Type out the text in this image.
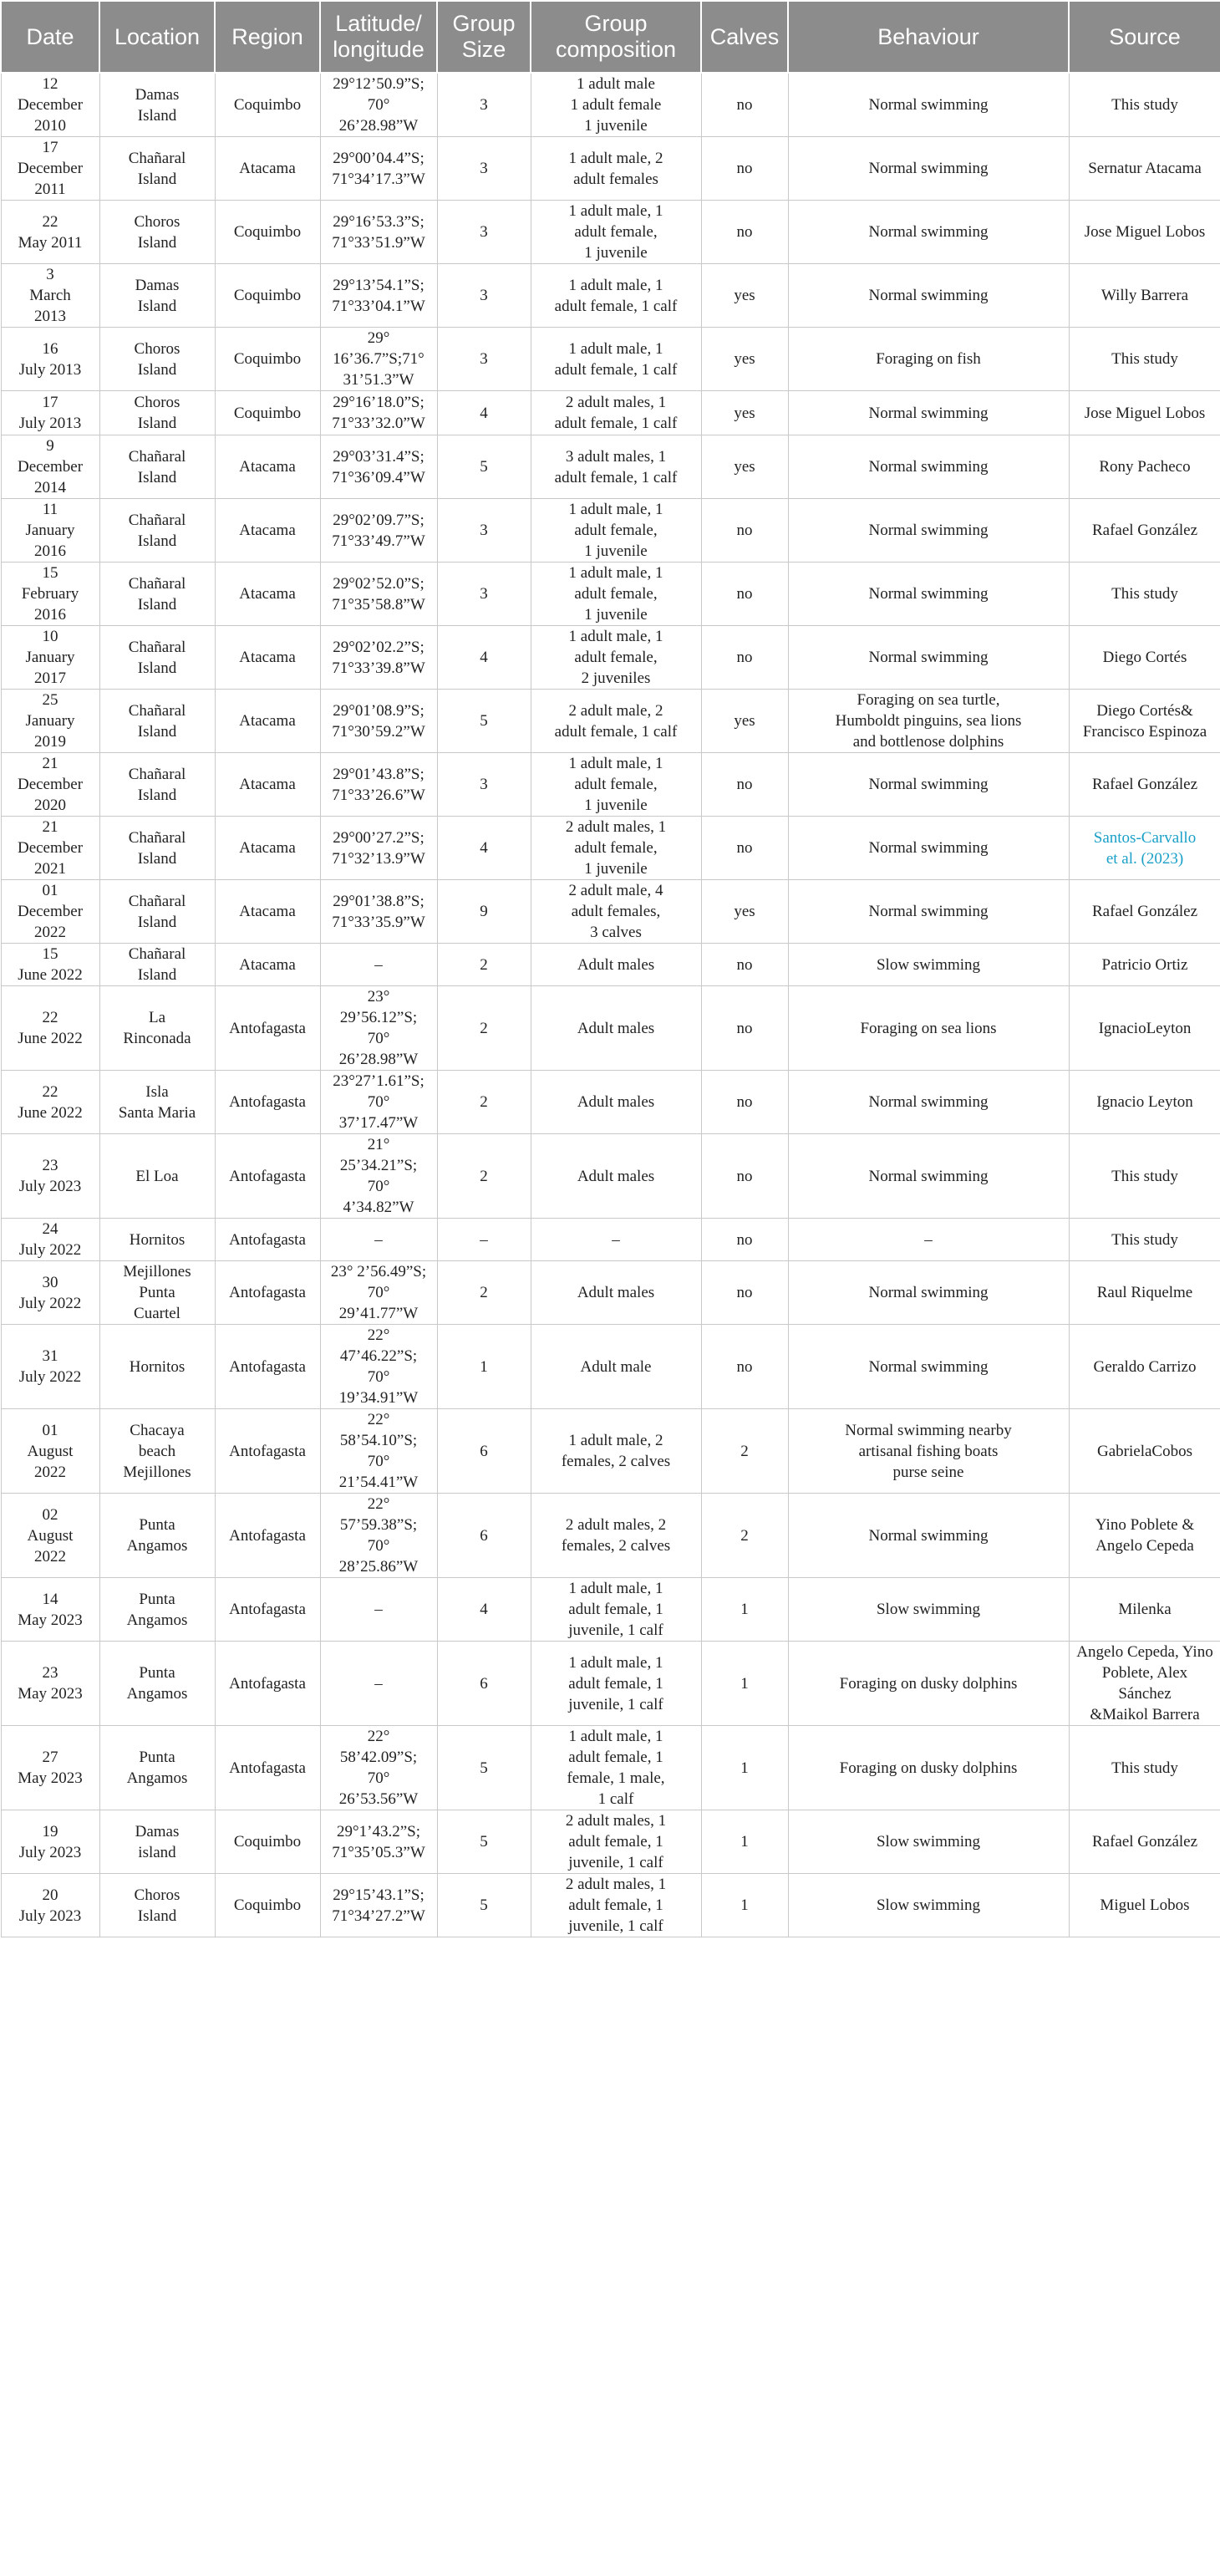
Date	Location	Region	Latitude/
longitude	Group
Size	Group
composition	Calves	Behaviour	Source
12
December
2010	Damas
Island	Coquimbo	29°12’50.9”S;
70°
26’28.98”W	3	1 adult male
1 adult female
1 juvenile	no	Normal swimming	This study
17
December
2011	Chañaral
Island	Atacama	29°00’04.4”S;
71°34’17.3”W	3	1 adult male, 2
adult females	no	Normal swimming	Sernatur Atacama
22
May 2011	Choros
Island	Coquimbo	29°16’53.3”S;
71°33’51.9”W	3	1 adult male, 1
adult female,
1 juvenile	no	Normal swimming	Jose Miguel Lobos
3
March
2013	Damas
Island	Coquimbo	29°13’54.1”S;
71°33’04.1”W	3	1 adult male, 1
adult female, 1 calf	yes	Normal swimming	Willy Barrera
16
July 2013	Choros
Island	Coquimbo	29°
16’36.7”S;71°
31’51.3”W	3	1 adult male, 1
adult female, 1 calf	yes	Foraging on fish	This study
17
July 2013	Choros
Island	Coquimbo	29°16’18.0”S;
71°33’32.0”W	4	2 adult males, 1
adult female, 1 calf	yes	Normal swimming	Jose Miguel Lobos
9
December
2014	Chañaral
Island	Atacama	29°03’31.4”S;
71°36’09.4”W	5	3 adult males, 1
adult female, 1 calf	yes	Normal swimming	Rony Pacheco
11
January
2016	Chañaral
Island	Atacama	29°02’09.7”S;
71°33’49.7”W	3	1 adult male, 1
adult female,
1 juvenile	no	Normal swimming	Rafael González
15
February
2016	Chañaral
Island	Atacama	29°02’52.0”S;
71°35’58.8”W	3	1 adult male, 1
adult female,
1 juvenile	no	Normal swimming	This study
10
January
2017	Chañaral
Island	Atacama	29°02’02.2”S;
71°33’39.8”W	4	1 adult male, 1
adult female,
2 juveniles	no	Normal swimming	Diego Cortés
25
January
2019	Chañaral
Island	Atacama	29°01’08.9”S;
71°30’59.2”W	5	2 adult male, 2
adult female, 1 calf	yes	Foraging on sea turtle,
Humboldt pinguins, sea lions
and bottlenose dolphins	Diego Cortés&
Francisco Espinoza
21
December
2020	Chañaral
Island	Atacama	29°01’43.8”S;
71°33’26.6”W	3	1 adult male, 1
adult female,
1 juvenile	no	Normal swimming	Rafael González
21
December
2021	Chañaral
Island	Atacama	29°00’27.2”S;
71°32’13.9”W	4	2 adult males, 1
adult female,
1 juvenile	no	Normal swimming	Santos-Carvallo
et al. (2023)
01
December
2022	Chañaral
Island	Atacama	29°01’38.8”S;
71°33’35.9”W	9	2 adult male, 4
adult females,
3 calves	yes	Normal swimming	Rafael González
15
June 2022	Chañaral
Island	Atacama	–	2	Adult males	no	Slow swimming	Patricio Ortiz
22
June 2022	La
Rinconada	Antofagasta	23°
29’56.12”S;
70°
26’28.98”W	2	Adult males	no	Foraging on sea lions	IgnacioLeyton
22
June 2022	Isla
Santa Maria	Antofagasta	23°27’1.61”S;
70°
37’17.47”W	2	Adult males	no	Normal swimming	Ignacio Leyton
23
July 2023	El Loa	Antofagasta	21°
25’34.21”S;
70°
4’34.82”W	2	Adult males	no	Normal swimming	This study
24
July 2022	Hornitos	Antofagasta	–	–	–	no	–	This study
30
July 2022	Mejillones
Punta
Cuartel	Antofagasta	23° 2’56.49”S;
70°
29’41.77”W	2	Adult males	no	Normal swimming	Raul Riquelme
31
July 2022	Hornitos	Antofagasta	22°
47’46.22”S;
70°
19’34.91”W	1	Adult male	no	Normal swimming	Geraldo Carrizo
01
August
2022	Chacaya
beach
Mejillones	Antofagasta	22°
58’54.10”S;
70°
21’54.41”W	6	1 adult male, 2
females, 2 calves	2	Normal swimming nearby
artisanal fishing boats
purse seine	GabrielaCobos
02
August
2022	Punta
Angamos	Antofagasta	22°
57’59.38”S;
70°
28’25.86”W	6	2 adult males, 2
females, 2 calves	2	Normal swimming	Yino Poblete &
Angelo Cepeda
14
May 2023	Punta
Angamos	Antofagasta	–	4	1 adult male, 1
adult female, 1
juvenile, 1 calf	1	Slow swimming	Milenka
23
May 2023	Punta
Angamos	Antofagasta	–	6	1 adult male, 1
adult female, 1
juvenile, 1 calf	1	Foraging on dusky dolphins	Angelo Cepeda, Yino
Poblete, Alex Sánchez
&Maikol Barrera
27
May 2023	Punta
Angamos	Antofagasta	22°
58’42.09”S;
70°
26’53.56”W	5	1 adult male, 1
adult female, 1
female, 1 male,
1 calf	1	Foraging on dusky dolphins	This study
19
July 2023	Damas
island	Coquimbo	29°1’43.2”S;
71°35’05.3”W	5	2 adult males, 1
adult female, 1
juvenile, 1 calf	1	Slow swimming	Rafael González
20
July 2023	Choros
Island	Coquimbo	29°15’43.1”S;
71°34’27.2”W	5	2 adult males, 1
adult female, 1
juvenile, 1 calf	1	Slow swimming	Miguel Lobos
